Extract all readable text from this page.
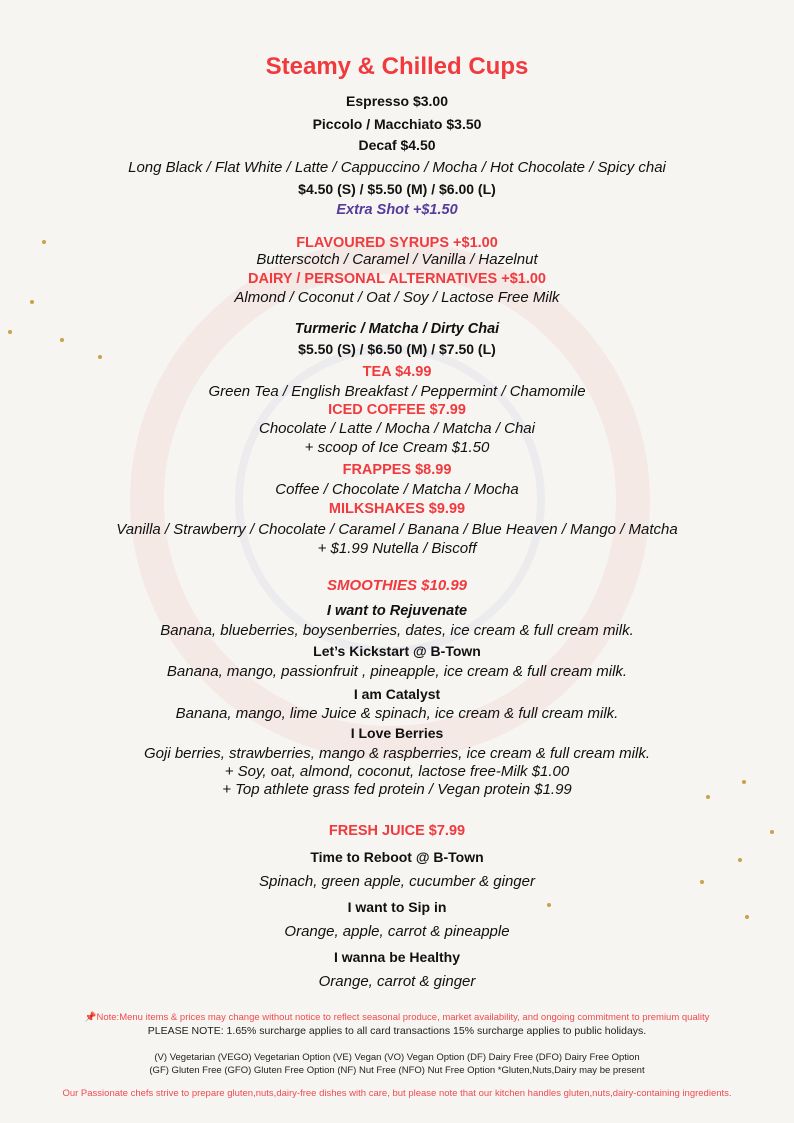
Steamy & Chilled Cups
Espresso $3.00
Piccolo / Macchiato $3.50
Decaf $4.50
Long Black / Flat White / Latte / Cappuccino / Mocha / Hot Chocolate / Spicy chai
$4.50 (S) / $5.50 (M) / $6.00 (L)
Extra Shot +$1.50
FLAVOURED SYRUPS +$1.00
Butterscotch / Caramel / Vanilla / Hazelnut
DAIRY / PERSONAL ALTERNATIVES +$1.00
Almond / Coconut / Oat / Soy / Lactose Free Milk
Turmeric / Matcha / Dirty Chai
$5.50 (S) / $6.50 (M) / $7.50 (L)
TEA $4.99
Green Tea / English Breakfast / Peppermint / Chamomile
ICED COFFEE $7.99
Chocolate / Latte / Mocha / Matcha / Chai
+ scoop of Ice Cream $1.50
FRAPPES $8.99
Coffee / Chocolate / Matcha / Mocha
MILKSHAKES $9.99
Vanilla / Strawberry / Chocolate / Caramel / Banana / Blue Heaven / Mango / Matcha
+ $1.99 Nutella / Biscoff
SMOOTHIES $10.99
I want to Rejuvenate
Banana, blueberries, boysenberries, dates, ice cream & full cream milk.
Let’s Kickstart @ B-Town
Banana, mango, passionfruit , pineapple, ice cream & full cream milk.
I am Catalyst
Banana, mango, lime Juice & spinach, ice cream & full cream milk.
I Love Berries
Goji berries, strawberries, mango & raspberries, ice cream & full cream milk.
+ Soy, oat, almond, coconut, lactose free-Milk $1.00
+ Top athlete grass fed protein / Vegan protein $1.99
FRESH JUICE $7.99
Time to Reboot @ B-Town
Spinach, green apple, cucumber & ginger
I want to Sip in
Orange, apple, carrot & pineapple
I wanna be Healthy
Orange, carrot & ginger
📌Note:Menu items & prices may change without notice to reflect seasonal produce, market availability, and ongoing commitment to premium quality
PLEASE NOTE: 1.65% surcharge applies to all card transactions 15% surcharge applies to public holidays.
(V) Vegetarian (VEGO) Vegetarian Option (VE) Vegan (VO) Vegan Option (DF) Dairy Free (DFO) Dairy Free Option
(GF) Gluten Free (GFO) Gluten Free Option (NF) Nut Free (NFO) Nut Free Option *Gluten,Nuts,Dairy may be present
Our Passionate chefs strive to prepare gluten,nuts,dairy-free dishes with care, but please note that our kitchen handles gluten,nuts,dairy-containing ingredients.
